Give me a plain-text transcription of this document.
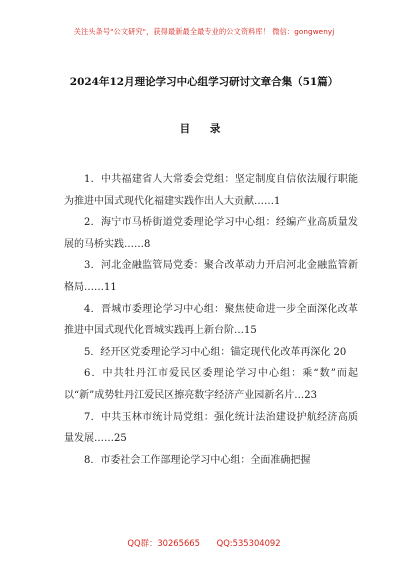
关注头条号"公文研究"，获得最新最全最专业的公文资料库！ 微信：gongwenyj
2024年12月理论学习中心组学习研讨文章合集（51篇）
目 录

1．中共福建省人大常委会党组：坚定制度自信依法履行职能为推进中国式现代化福建实践作出人大贡献……1

2．海宁市马桥街道党委理论学习中心组：经编产业高质量发展的马桥实践……8

3．河北金融监管局党委：聚合改革动力开启河北金融监管新格局……11

4．晋城市委理论学习中心组：聚焦使命进一步全面深化改革推进中国式现代化晋城实践再上新台阶…15

5．经开区党委理论学习中心组：锚定现代化改革再深化 20

6．中共牡丹江市爱民区委理论学习中心组：乘“数”而起以“新”成势牡丹江爱民区擦亮数字经济产业园新名片…23

7．中共玉林市统计局党组：强化统计法治建设护航经济高质量发展……25

8．市委社会工作部理论学习中心组：全面准确把握

QQ群：30265665 QQ:535304092
